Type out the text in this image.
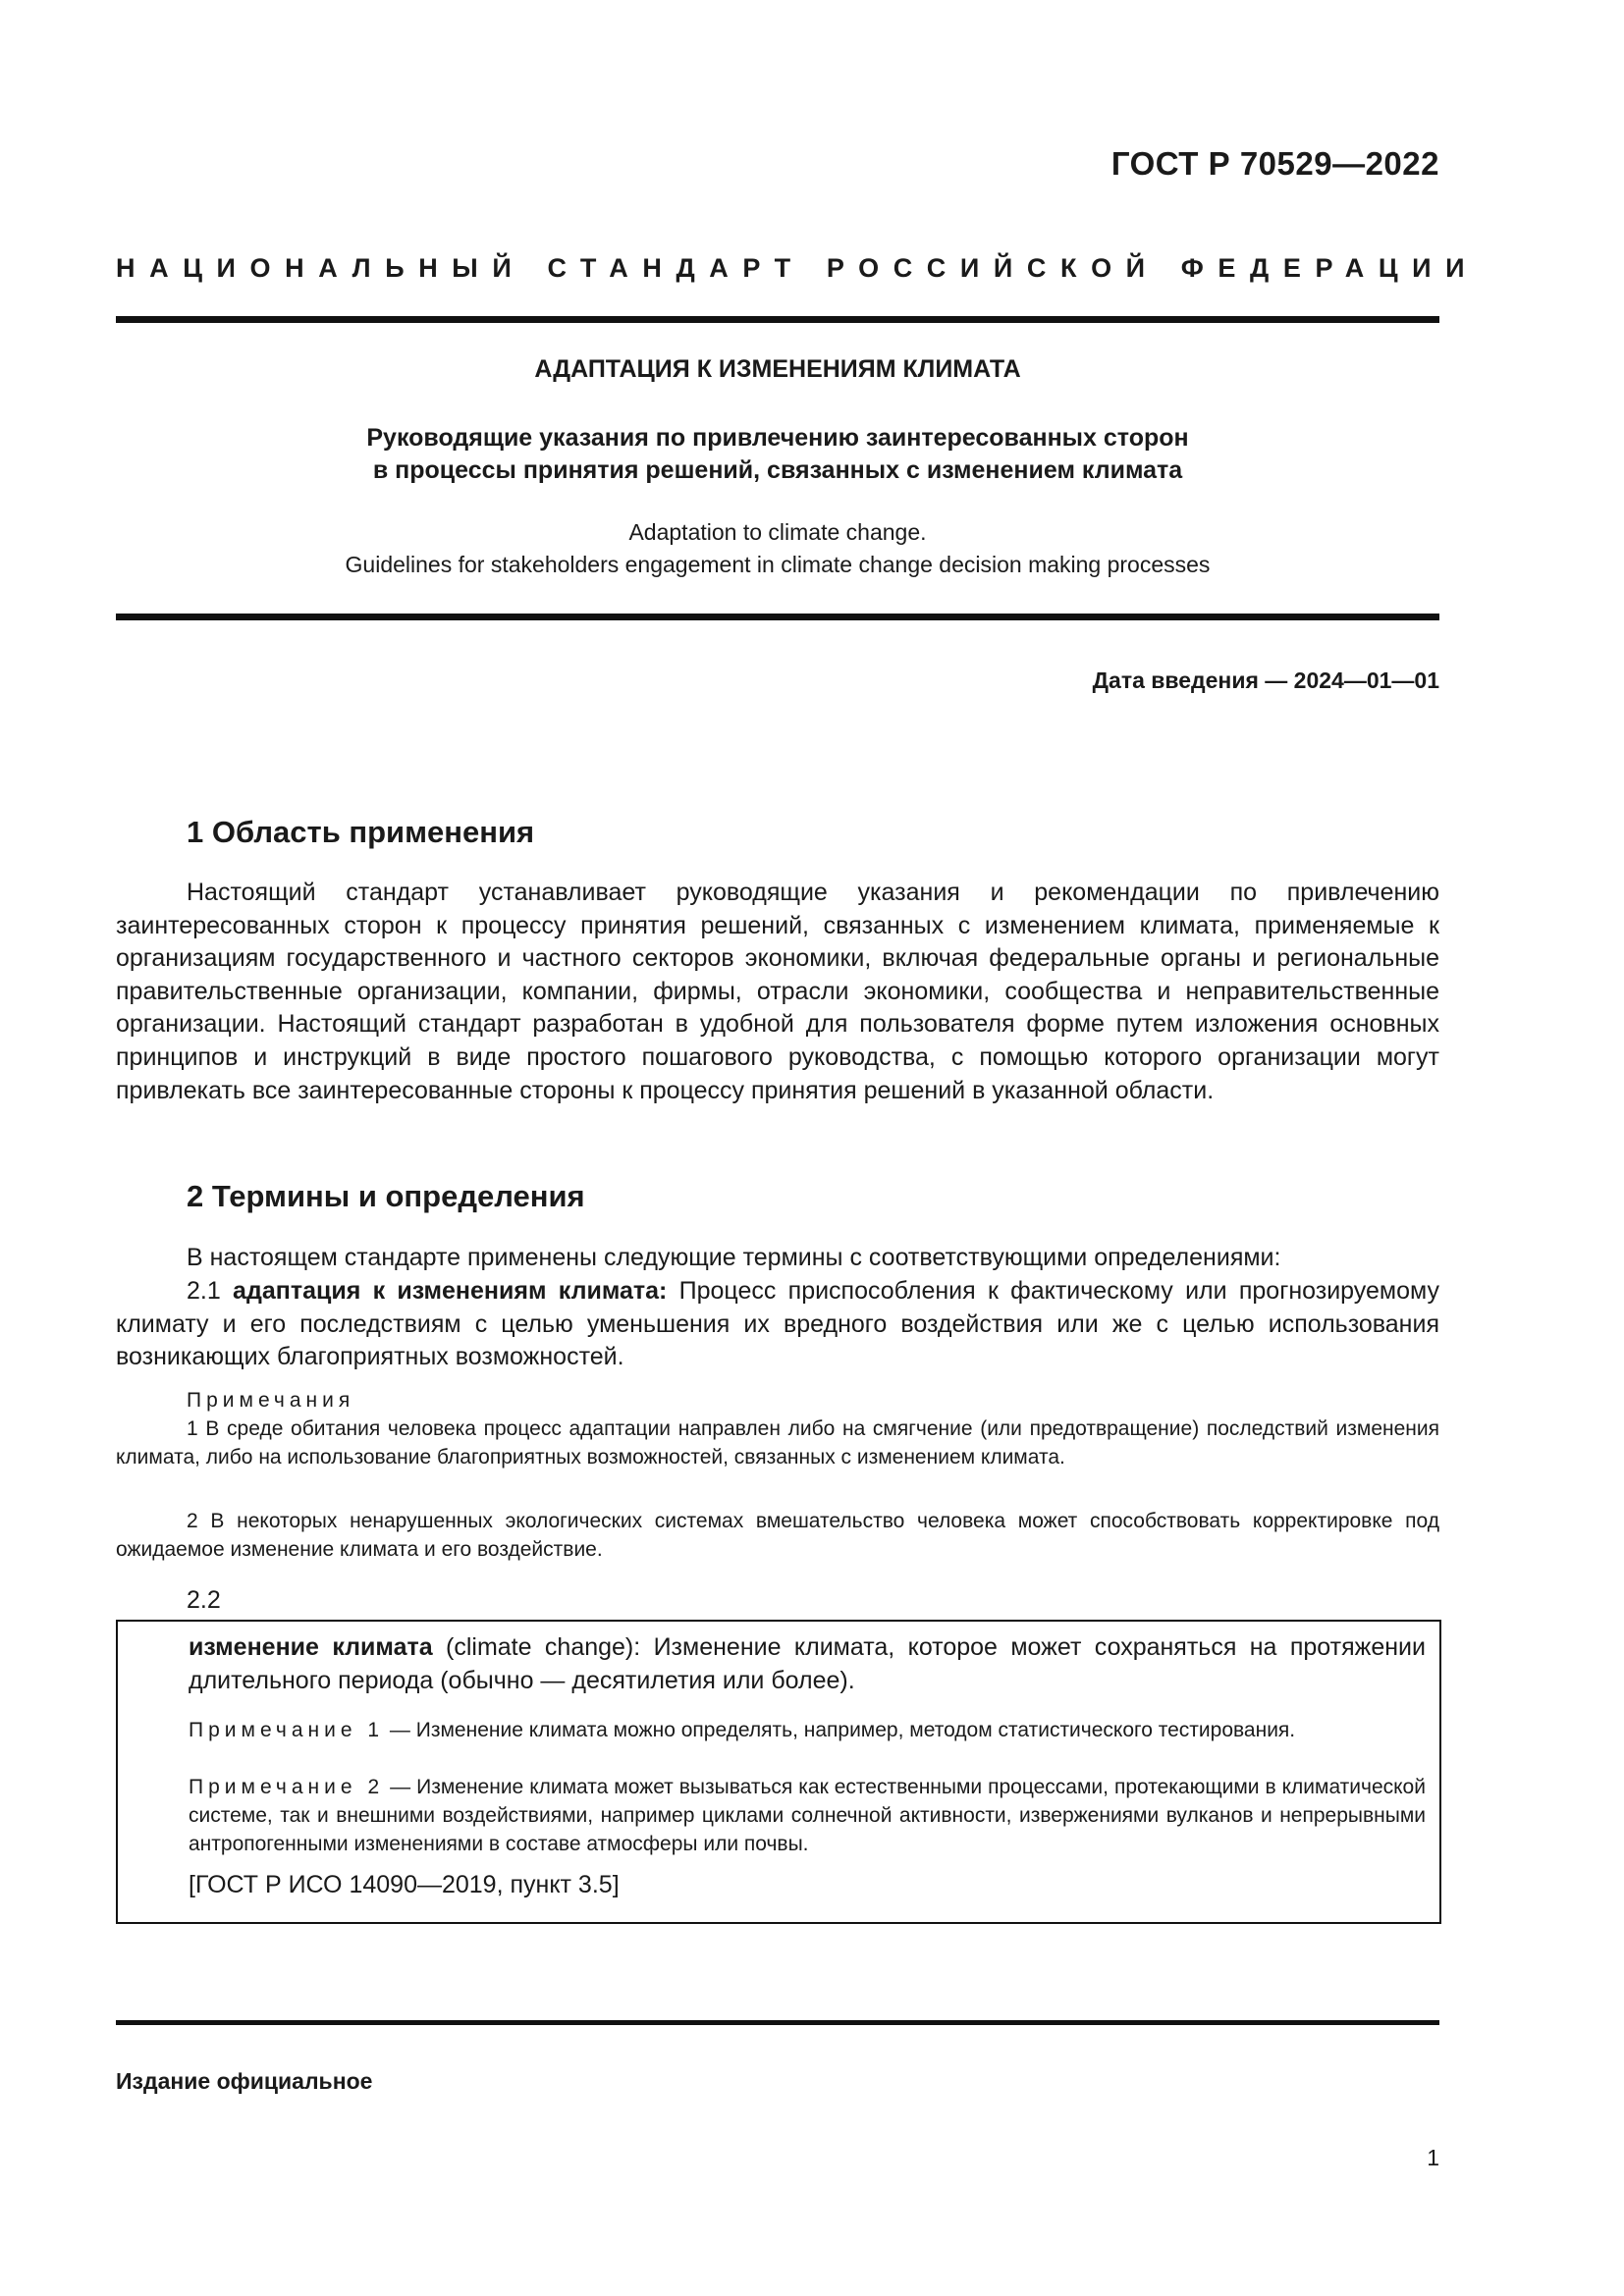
ГОСТ Р 70529—2022
НАЦИОНАЛЬНЫЙ СТАНДАРТ РОССИЙСКОЙ ФЕДЕРАЦИИ
АДАПТАЦИЯ К ИЗМЕНЕНИЯМ КЛИМАТА
Руководящие указания по привлечению заинтересованных сторон
в процессы принятия решений, связанных с изменением климата
Adaptation to climate change.
Guidelines for stakeholders engagement in climate change decision making processes
Дата введения — 2024—01—01
1 Область применения
Настоящий стандарт устанавливает руководящие указания и рекомендации по привлечению заинтересованных сторон к процессу принятия решений, связанных с изменением климата, применяемые к организациям государственного и частного секторов экономики, включая федеральные органы и региональные правительственные организации, компании, фирмы, отрасли экономики, сообщества и неправительственные организации. Настоящий стандарт разработан в удобной для пользователя форме путем изложения основных принципов и инструкций в виде простого пошагового руководства, с помощью которого организации могут привлекать все заинтересованные стороны к процессу принятия решений в указанной области.
2 Термины и определения
В настоящем стандарте применены следующие термины с соответствующими определениями:
2.1 адаптация к изменениям климата: Процесс приспособления к фактическому или прогнозируемому климату и его последствиям с целью уменьшения их вредного воздействия или же с целью использования возникающих благоприятных возможностей.
Примечания
1 В среде обитания человека процесс адаптации направлен либо на смягчение (или предотвращение) последствий изменения климата, либо на использование благоприятных возможностей, связанных с изменением климата.
2 В некоторых ненарушенных экологических системах вмешательство человека может способствовать корректировке под ожидаемое изменение климата и его воздействие.
2.2
изменение климата (climate change): Изменение климата, которое может сохраняться на протяжении длительного периода (обычно — десятилетия или более).
Примечание 1 — Изменение климата можно определять, например, методом статистического тестирования.
Примечание 2 — Изменение климата может вызываться как естественными процессами, протекающими в климатической системе, так и внешними воздействиями, например циклами солнечной активности, извержениями вулканов и непрерывными антропогенными изменениями в составе атмосферы или почвы.
[ГОСТ Р ИСО 14090—2019, пункт 3.5]
Издание официальное
1
